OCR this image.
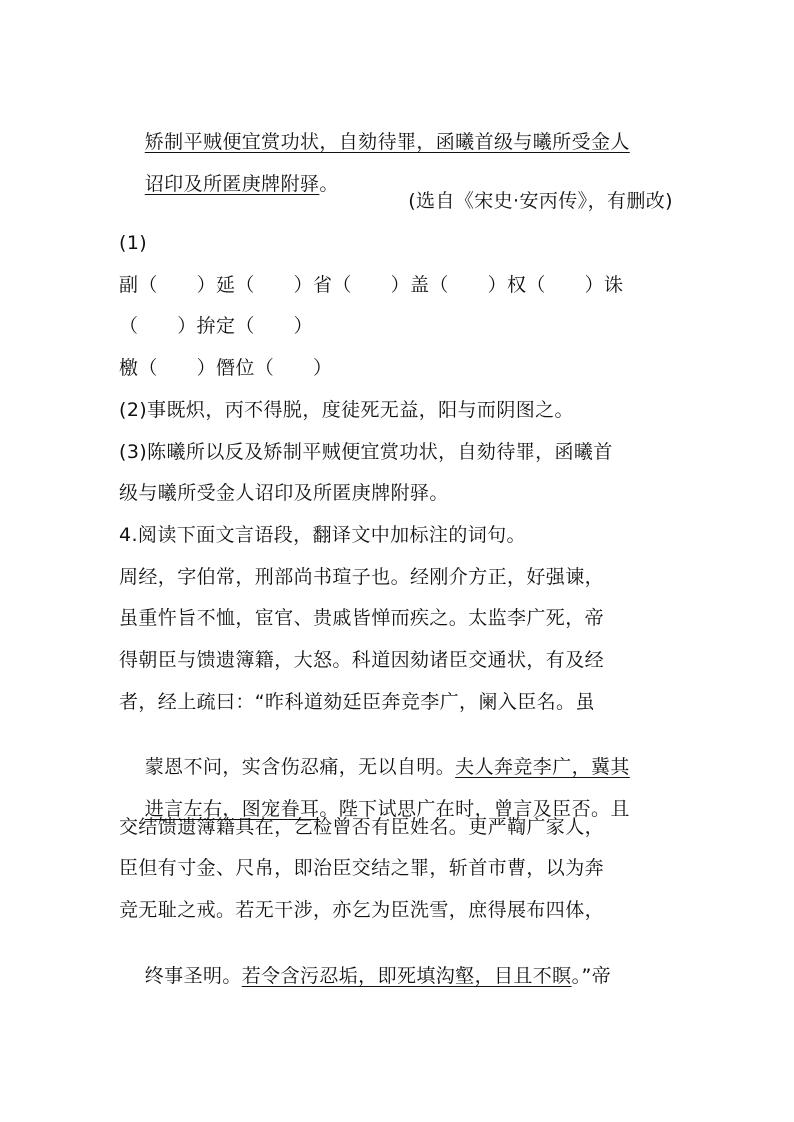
矫制平贼便宜赏功状，自劾待罪，函曦首级与曦所受金人

诏印及所匿庚牌附驿。

(选自《宋史·安丙传》，有删改)
(1)
副（　　）延（　　）省（　　）盖（　　）权（　　）诛
（　　）拚定（　　）
檄（　　）僭位（　　）
(2)事既炽，丙不得脱，度徒死无益，阳与而阴图之。
(3)陈曦所以反及矫制平贼便宜赏功状，自劾待罪，函曦首
级与曦所受金人诏印及所匿庚牌附驿。
4.阅读下面文言语段，翻译文中加标注的词句。
周经，字伯常，刑部尚书瑄子也。经刚介方正，好强谏，
虽重忤旨不恤，宦官、贵戚皆惮而疾之。太监李广死，帝
得朝臣与馈遗簿籍，大怒。科道因劾诸臣交通状，有及经
者，经上疏曰：“昨科道劾廷臣奔竞李广，阑入臣名。虽

蒙恩不问，实含伤忍痛，无以自明。夫人奔竞李广，冀其

进言左右，图宠眷耳。陛下试思广在时，曾言及臣否。且

交结馈遗簿籍具在，乞检曾否有臣姓名。更严鞫广家人，
臣但有寸金、尺帛，即治臣交结之罪，斩首市曹，以为奔
竞无耻之戒。若无干涉，亦乞为臣洗雪，庶得展布四体，

终事圣明。若令含污忍垢，即死填沟壑，目且不瞑。”帝
